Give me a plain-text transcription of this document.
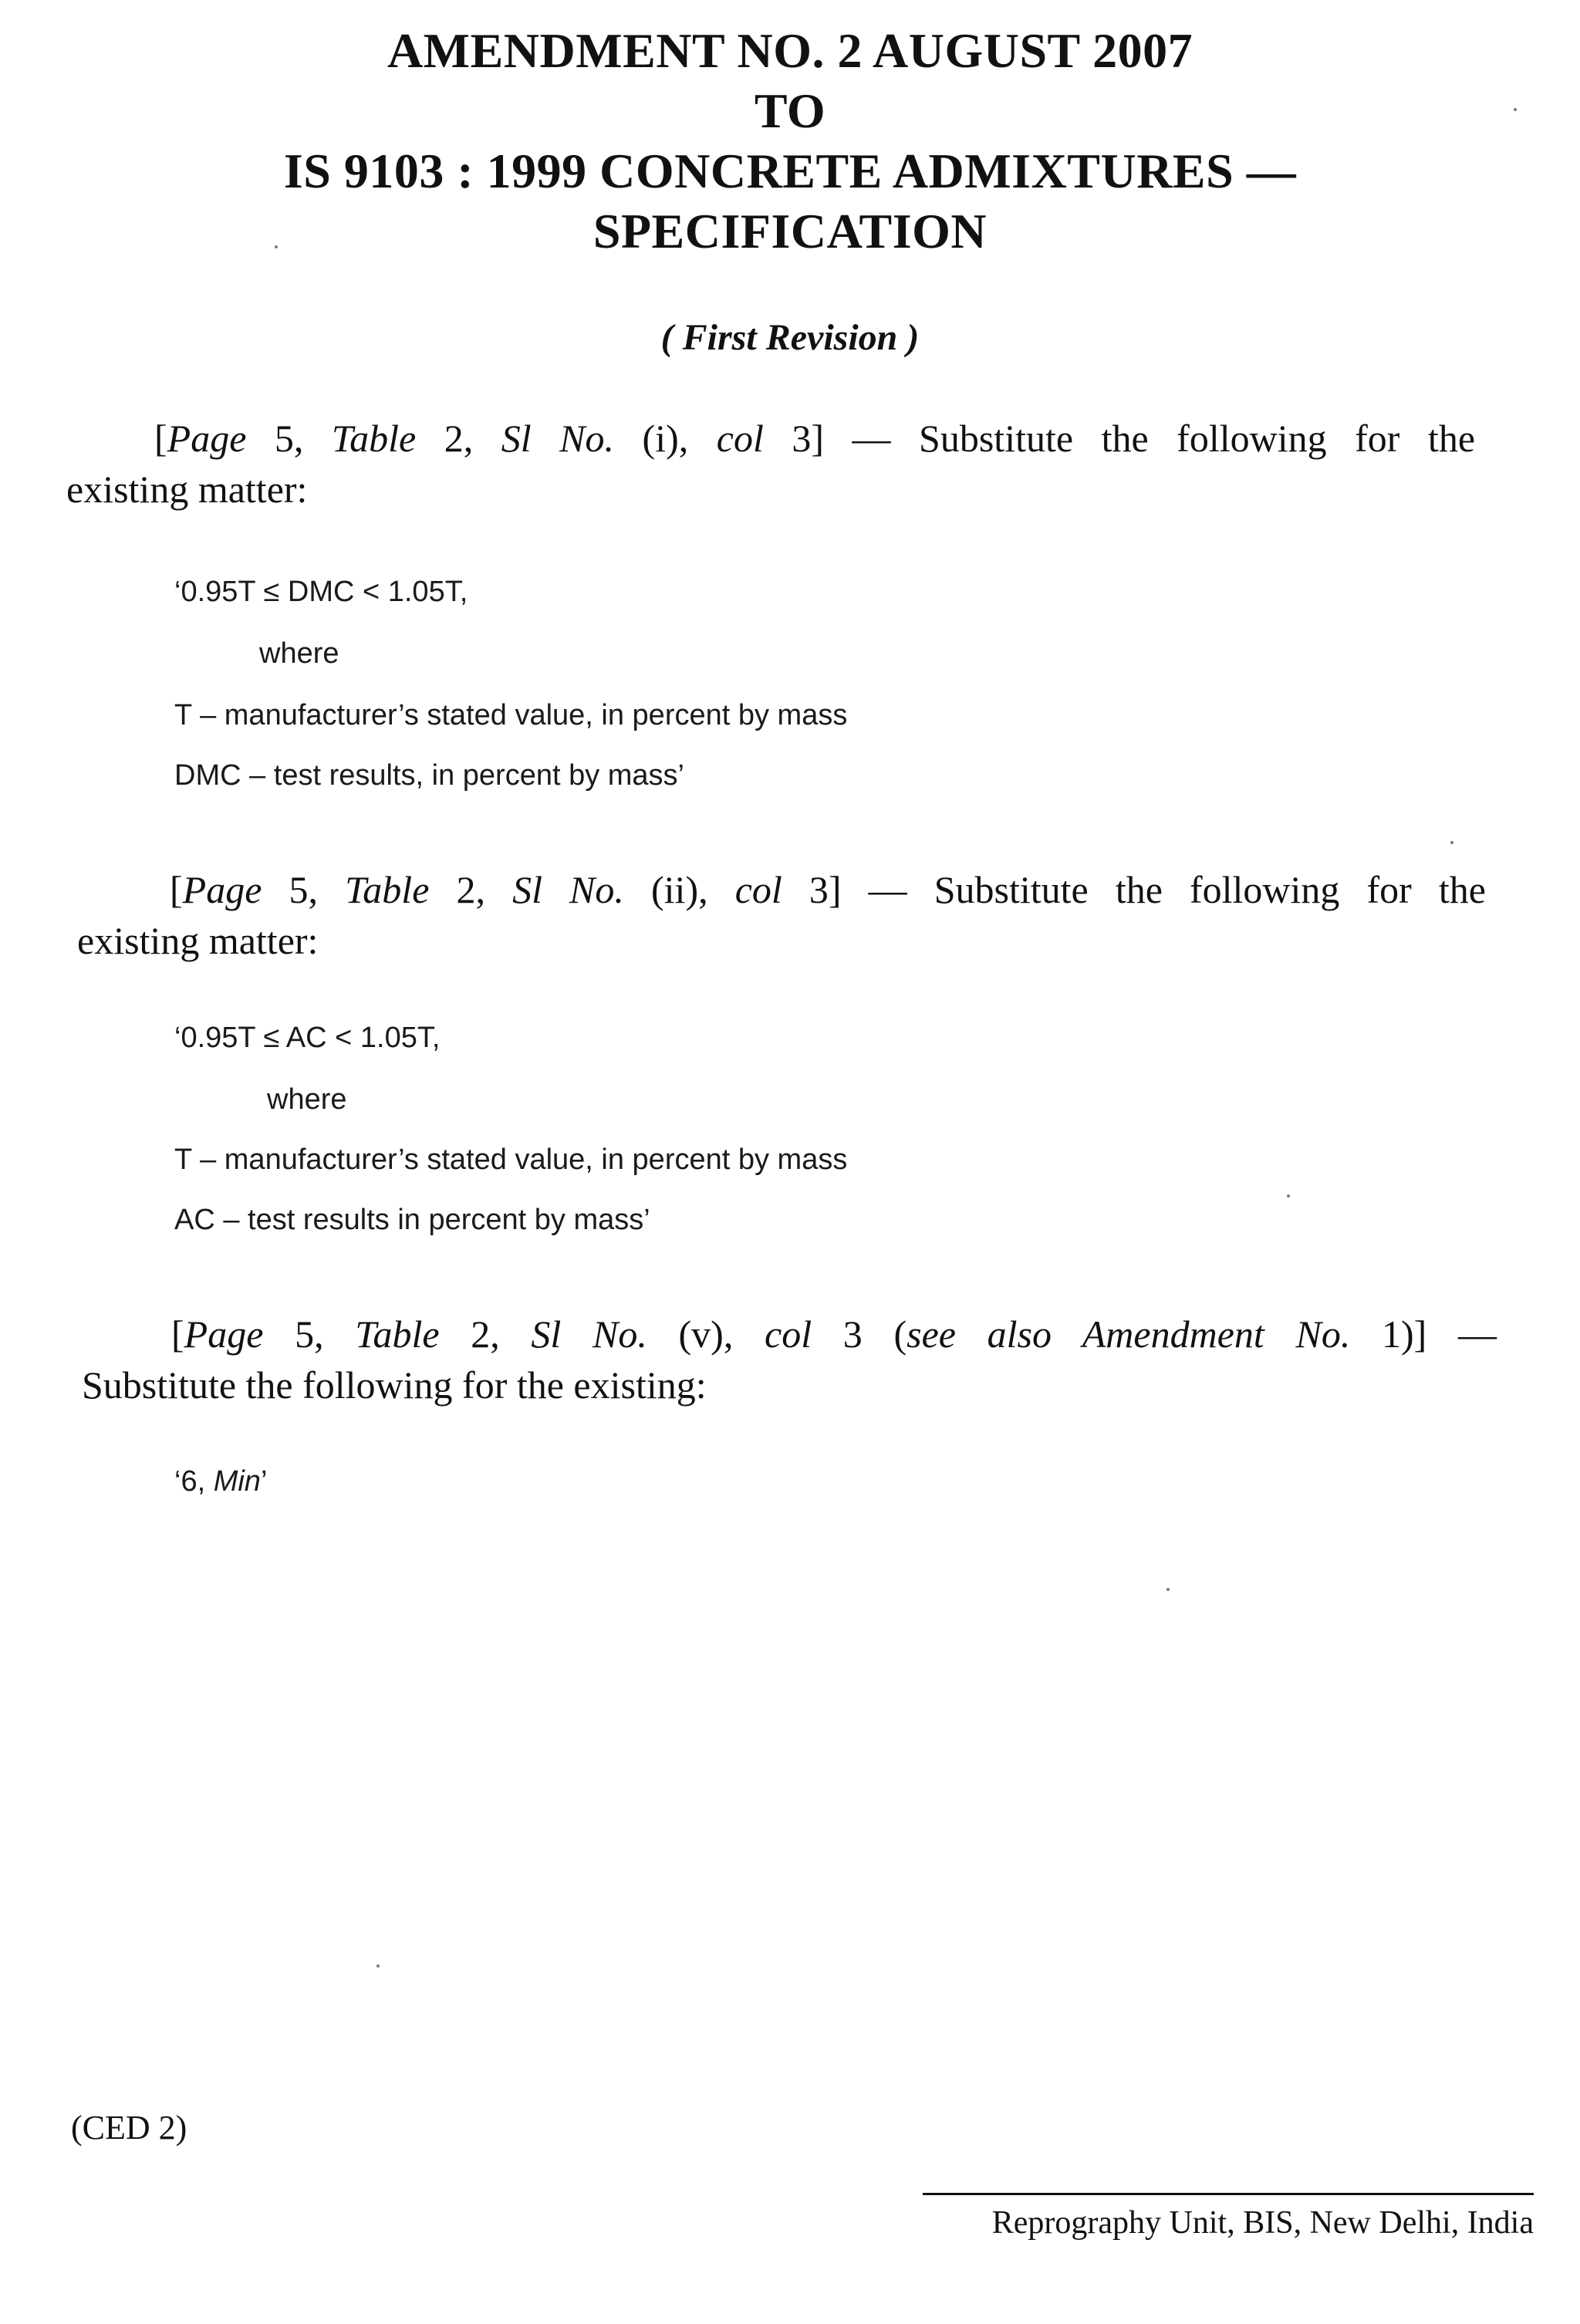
AMENDMENT NO. 2 AUGUST 2007
TO
IS 9103 : 1999 CONCRETE ADMIXTURES —
SPECIFICATION
( First Revision )
[Page 5, Table 2, Sl No. (i), col 3] — Substitute the following for the
existing matter:
‘0.95T ≤ DMC < 1.05T,
where
T – manufacturer’s stated value, in percent by mass
DMC – test results, in percent by mass’
[Page 5, Table 2, Sl No. (ii), col 3] — Substitute the following for the
existing matter:
‘0.95T ≤ AC < 1.05T,
where
T – manufacturer’s stated value, in percent by mass
AC – test results in percent by mass’
[Page 5, Table 2, Sl No. (v), col 3 (see also Amendment No. 1)] —
Substitute the following for the existing:
‘6, Min’
(CED 2)
Reprography Unit, BIS, New Delhi, India
